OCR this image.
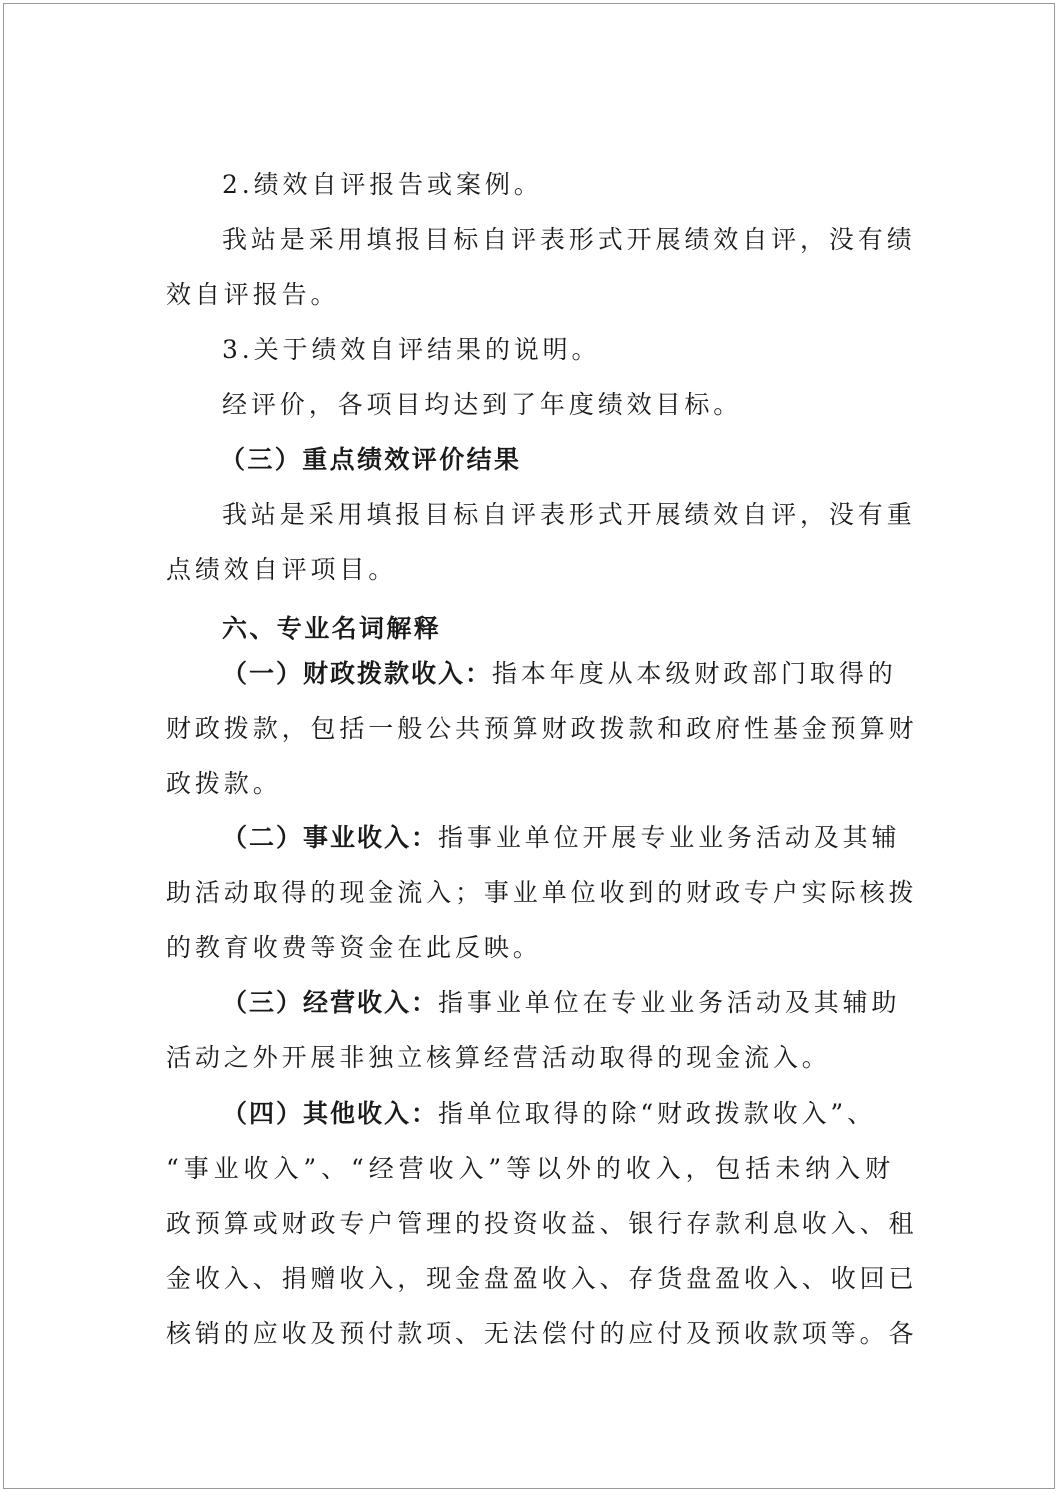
2.绩效自评报告或案例。
我站是采用填报目标自评表形式开展绩效自评，没有绩
效自评报告。
3.关于绩效自评结果的说明。
经评价，各项目均达到了年度绩效目标。
（三）重点绩效评价结果
我站是采用填报目标自评表形式开展绩效自评，没有重
点绩效自评项目。
六、专业名词解释
（一）财政拨款收入：指本年度从本级财政部门取得的
财政拨款，包括一般公共预算财政拨款和政府性基金预算财
政拨款。
（二）事业收入：指事业单位开展专业业务活动及其辅
助活动取得的现金流入；事业单位收到的财政专户实际核拨
的教育收费等资金在此反映。
（三）经营收入：指事业单位在专业业务活动及其辅助
活动之外开展非独立核算经营活动取得的现金流入。
（四）其他收入：指单位取得的除“财政拨款收入”、
“事业收入”、“经营收入”等以外的收入，包括未纳入财
政预算或财政专户管理的投资收益、银行存款利息收入、租
金收入、捐赠收入，现金盘盈收入、存货盘盈收入、收回已
核销的应收及预付款项、无法偿付的应付及预收款项等。各
